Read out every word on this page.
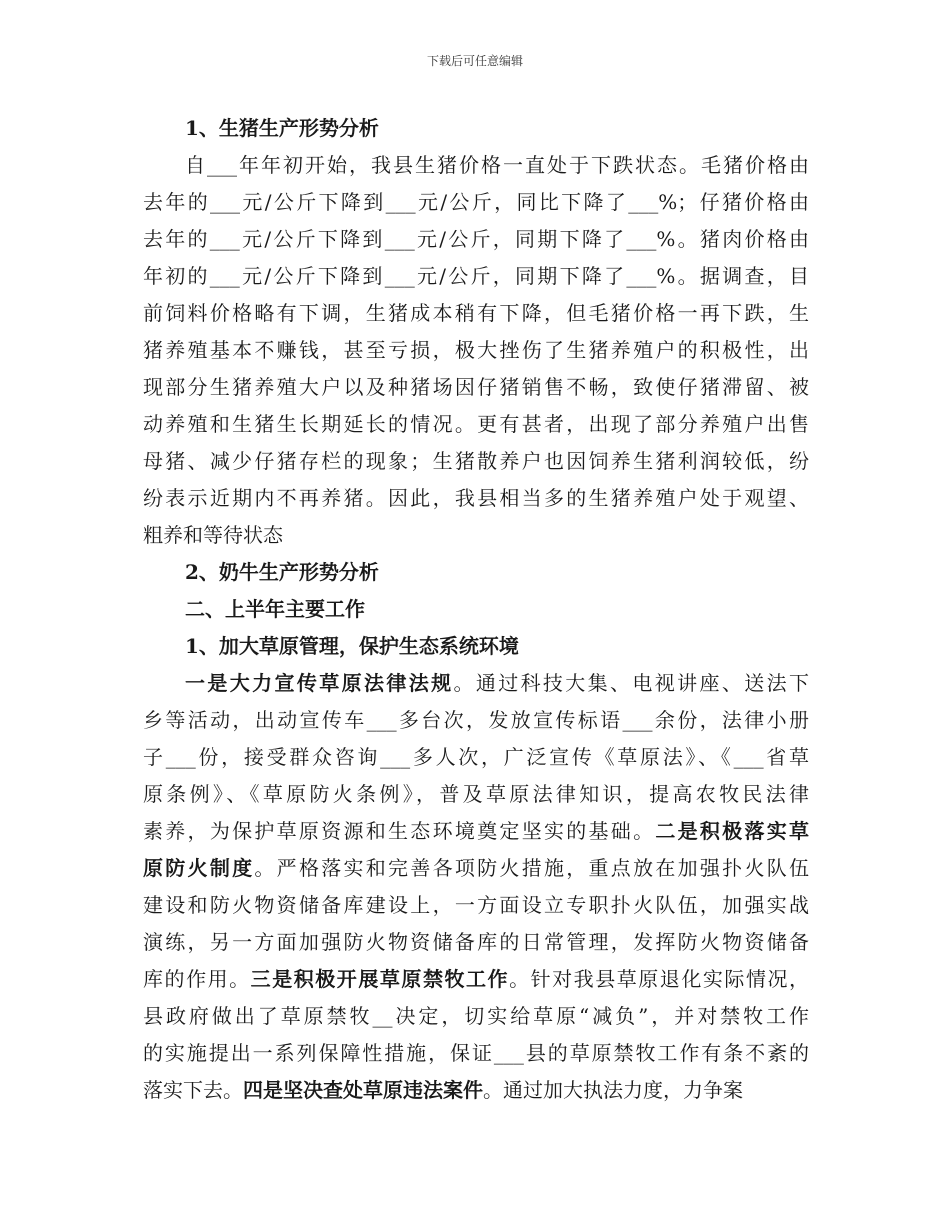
下载后可任意编辑
1、生猪生产形势分析
自___年年初开始，我县生猪价格一直处于下跌状态。毛猪价格由
去年的___元/公斤下降到___元/公斤，同比下降了___%；仔猪价格由
去年的___元/公斤下降到___元/公斤，同期下降了___%。猪肉价格由
年初的___元/公斤下降到___元/公斤，同期下降了___%。据调查，目
前饲料价格略有下调，生猪成本稍有下降，但毛猪价格一再下跌，生
猪养殖基本不赚钱，甚至亏损，极大挫伤了生猪养殖户的积极性，出
现部分生猪养殖大户以及种猪场因仔猪销售不畅，致使仔猪滞留、被
动养殖和生猪生长期延长的情况。更有甚者，出现了部分养殖户出售
母猪、减少仔猪存栏的现象；生猪散养户也因饲养生猪利润较低，纷
纷表示近期内不再养猪。因此，我县相当多的生猪养殖户处于观望、
粗养和等待状态
2、奶牛生产形势分析
二、上半年主要工作
1、加大草原管理，保护生态系统环境
一是大力宣传草原法律法规。通过科技大集、电视讲座、送法下
乡等活动，出动宣传车___多台次，发放宣传标语___余份，法律小册
子___份，接受群众咨询___多人次，广泛宣传《草原法》、《___省草
原条例》、《草原防火条例》，普及草原法律知识，提高农牧民法律
素养，为保护草原资源和生态环境奠定坚实的基础。二是积极落实草
原防火制度。严格落实和完善各项防火措施，重点放在加强扑火队伍
建设和防火物资储备库建设上，一方面设立专职扑火队伍，加强实战
演练，另一方面加强防火物资储备库的日常管理，发挥防火物资储备
库的作用。三是积极开展草原禁牧工作。针对我县草原退化实际情况，
县政府做出了草原禁牧__决定，切实给草原“减负”，并对禁牧工作
的实施提出一系列保障性措施，保证___县的草原禁牧工作有条不紊的
落实下去。四是坚决查处草原违法案件。通过加大执法力度，力争案
